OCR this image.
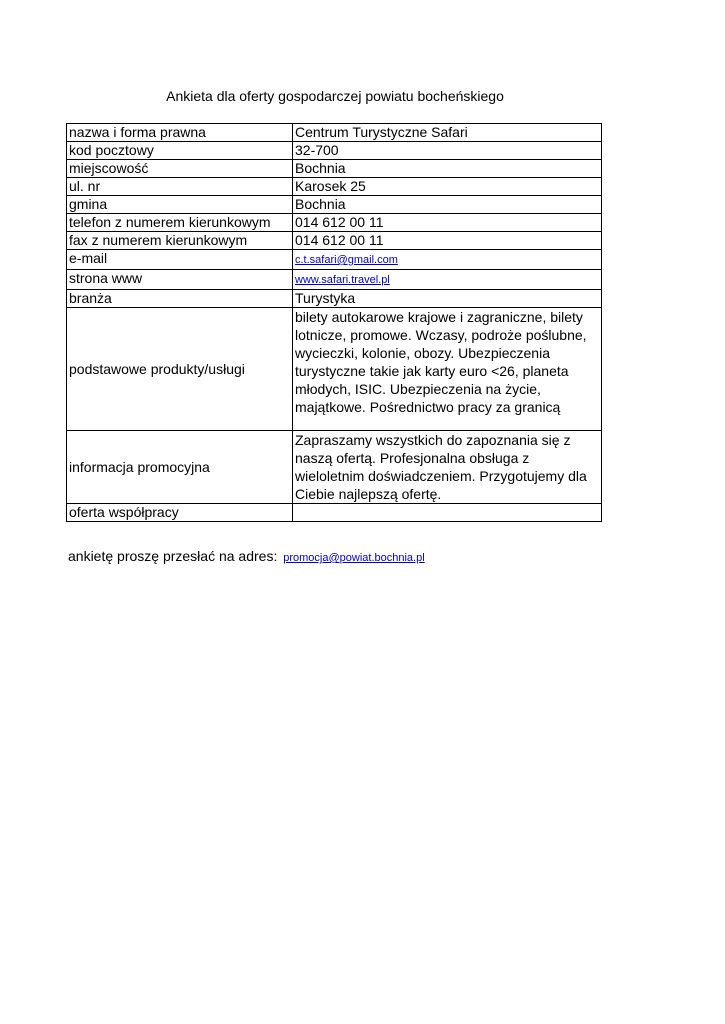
Ankieta dla oferty gospodarczej powiatu bocheńskiego
nazwa i forma prawna	Centrum Turystyczne Safari
kod pocztowy	32-700
miejscowość	Bochnia
ul. nr	Karosek 25
gmina	Bochnia
telefon z numerem kierunkowym	014 612 00 11
fax z numerem kierunkowym	014 612 00 11
e-mail	c.t.safari@gmail.com
strona www	www.safari.travel.pl
branża	Turystyka
podstawowe produkty/usługi	bilety autokarowe krajowe i zagraniczne, bilety lotnicze, promowe. Wczasy, podroże poślubne, wycieczki, kolonie, obozy. Ubezpieczenia turystyczne takie jak karty euro <26, planeta młodych, ISIC. Ubezpieczenia na życie, majątkowe. Pośrednictwo pracy za granicą
informacja promocyjna	Zapraszamy wszystkich do zapoznania się z naszą ofertą. Profesjonalna obsługa z wieloletnim doświadczeniem. Przygotujemy dla Ciebie najlepszą ofertę.
oferta współpracy	
ankietę proszę przesłać na adres: promocja@powiat.bochnia.pl
